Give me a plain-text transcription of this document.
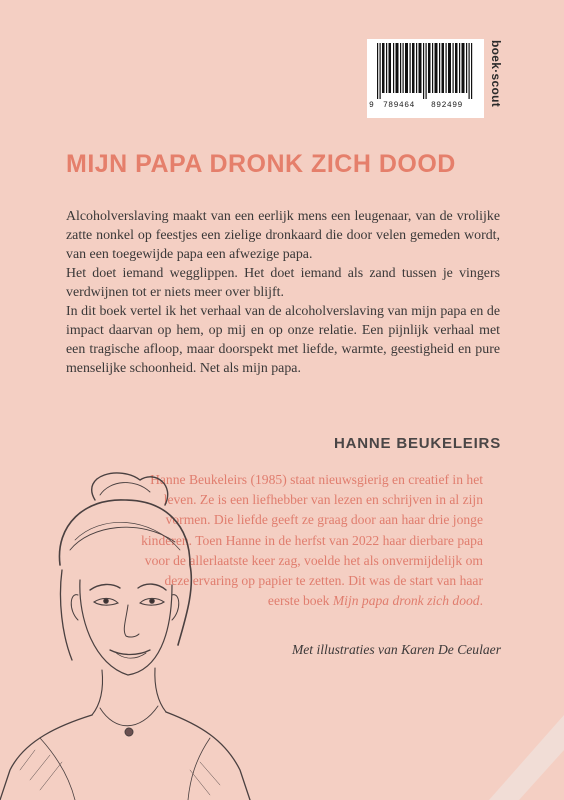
9 789464 892499 boek·scout
MIJN PAPA DRONK ZICH DOOD

Alcoholverslaving maakt van een eerlijk mens een leugenaar, van de vrolijke zatte nonkel op feestjes een zielige dronkaard die door velen gemeden wordt, van een toegewijde papa een afwezige papa.

Het doet iemand wegglippen. Het doet iemand als zand tussen je vingers verdwijnen tot er niets meer over blijft.

In dit boek vertel ik het verhaal van de alcoholverslaving van mijn papa en de impact daarvan op hem, op mij en op onze relatie. Een pijnlijk verhaal met een tragische afloop, maar doorspekt met liefde, warmte, geestigheid en pure menselijke schoonheid. Net als mijn papa.

HANNE BEUKELEIRS

Hanne Beukeleirs (1985) staat nieuwsgierig en creatief in het leven. Ze is een liefhebber van lezen en schrijven in al zijn vormen. Die liefde geeft ze graag door aan haar drie jonge kinderen. Toen Hanne in de herfst van 2022 haar dierbare papa voor de allerlaatste keer zag, voelde het als onvermijdelijk om deze ervaring op papier te zetten. Dit was de start van haar eerste boek Mijn papa dronk zich dood.

Met illustraties van Karen De Ceulaer
